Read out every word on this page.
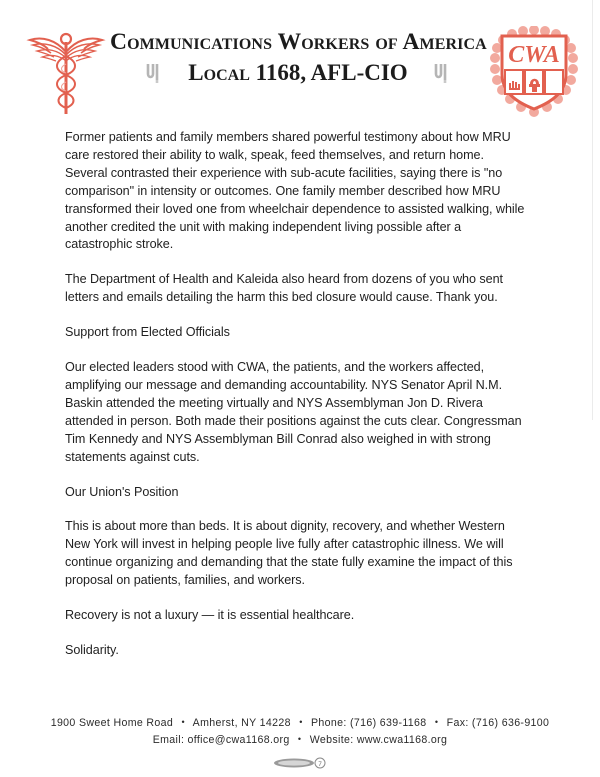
Communications Workers of America
Local 1168, AFL-CIO
CWA

Former patients and family members shared powerful testimony about how MRU care restored their ability to walk, speak, feed themselves, and return home. Several contrasted their experience with sub-acute facilities, saying there is "no comparison" in intensity or outcomes. One family member described how MRU transformed their loved one from wheelchair dependence to assisted walking, while another credited the unit with making independent living possible after a catastrophic stroke.

The Department of Health and Kaleida also heard from dozens of you who sent letters and emails detailing the harm this bed closure would cause. Thank you.

Support from Elected Officials

Our elected leaders stood with CWA, the patients, and the workers affected, amplifying our message and demanding accountability. NYS Senator April N.M. Baskin attended the meeting virtually and NYS Assemblyman Jon D. Rivera attended in person. Both made their positions against the cuts clear. Congressman Tim Kennedy and NYS Assemblyman Bill Conrad also weighed in with strong statements against cuts.

Our Union's Position

This is about more than beds. It is about dignity, recovery, and whether Western New York will invest in helping people live fully after catastrophic illness. We will continue organizing and demanding that the state fully examine the impact of this proposal on patients, families, and workers.

Recovery is not a luxury — it is essential healthcare.

Solidarity.

1900 Sweet Home Road • Amherst, NY 14228 • Phone: (716) 639-1168 • Fax: (716) 636-9100
Email: office@cwa1168.org • Website: www.cwa1168.org
7
